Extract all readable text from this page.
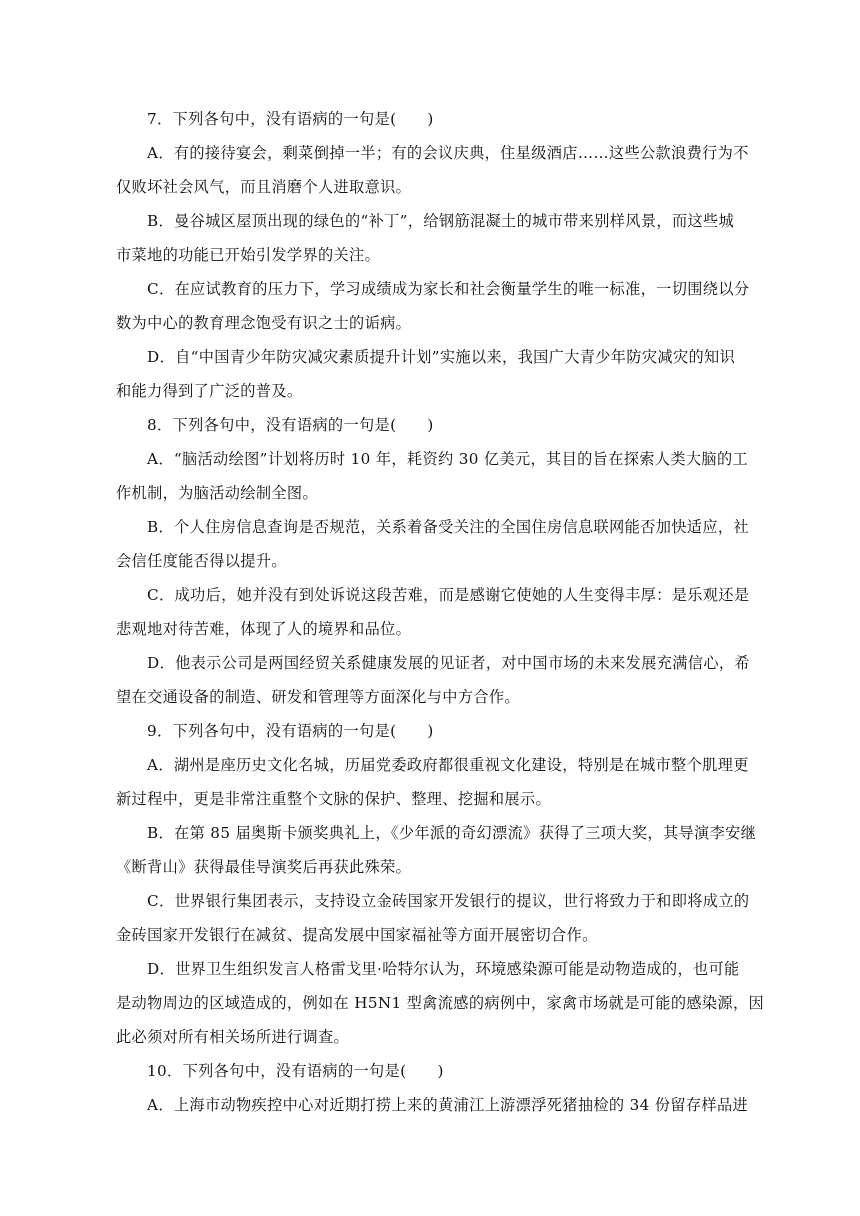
7．下列各句中，没有语病的一句是(　　)
A．有的接待宴会，剩菜倒掉一半；有的会议庆典，住星级酒店……这些公款浪费行为不
仅败坏社会风气，而且消磨个人进取意识。
B．曼谷城区屋顶出现的绿色的“补丁”，给钢筋混凝土的城市带来别样风景，而这些城
市菜地的功能已开始引发学界的关注。
C．在应试教育的压力下，学习成绩成为家长和社会衡量学生的唯一标准，一切围绕以分
数为中心的教育理念饱受有识之士的诟病。
D．自“中国青少年防灾减灾素质提升计划”实施以来，我国广大青少年防灾减灾的知识
和能力得到了广泛的普及。
8．下列各句中，没有语病的一句是(　　)
A．“脑活动绘图”计划将历时 10 年，耗资约 30 亿美元，其目的旨在探索人类大脑的工
作机制，为脑活动绘制全图。
B．个人住房信息查询是否规范，关系着备受关注的全国住房信息联网能否加快适应，社
会信任度能否得以提升。
C．成功后，她并没有到处诉说这段苦难，而是感谢它使她的人生变得丰厚：是乐观还是
悲观地对待苦难，体现了人的境界和品位。
D．他表示公司是两国经贸关系健康发展的见证者，对中国市场的未来发展充满信心，希
望在交通设备的制造、研发和管理等方面深化与中方合作。
9．下列各句中，没有语病的一句是(　　)
A．湖州是座历史文化名城，历届党委政府都很重视文化建设，特别是在城市整个肌理更
新过程中，更是非常注重整个文脉的保护、整理、挖掘和展示。
B．在第 85 届奥斯卡颁奖典礼上，《少年派的奇幻漂流》获得了三项大奖，其导演李安继
《断背山》获得最佳导演奖后再获此殊荣。
C．世界银行集团表示，支持设立金砖国家开发银行的提议，世行将致力于和即将成立的
金砖国家开发银行在减贫、提高发展中国家福祉等方面开展密切合作。
D．世界卫生组织发言人格雷戈里·哈特尔认为，环境感染源可能是动物造成的，也可能
是动物周边的区域造成的，例如在 H5N1 型禽流感的病例中，家禽市场就是可能的感染源，因
此必须对所有相关场所进行调查。
10．下列各句中，没有语病的一句是(　　)
A．上海市动物疾控中心对近期打捞上来的黄浦江上游漂浮死猪抽检的 34 份留存样品进
